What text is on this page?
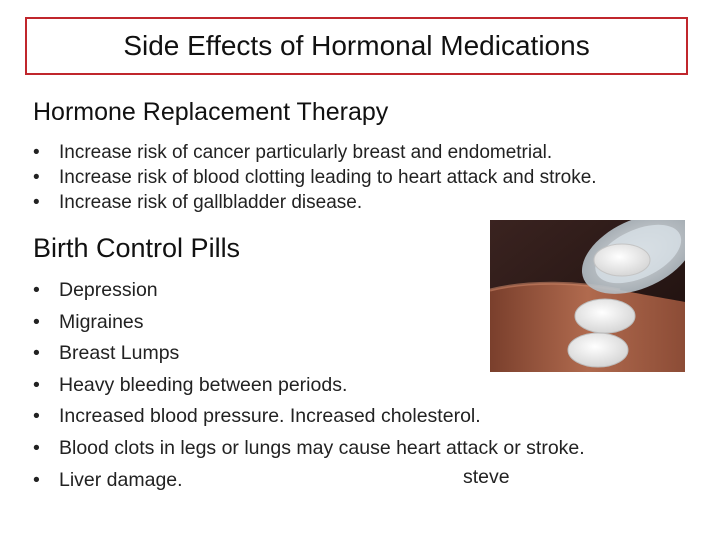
Side Effects of Hormonal Medications
Hormone Replacement Therapy
• Increase risk of cancer particularly breast and endometrial.
• Increase risk of blood clotting leading to heart attack and stroke.
• Increase risk of gallbladder disease.
Birth Control Pills
• Depression
• Migraines
• Breast Lumps
• Heavy bleeding between periods.
• Increased blood pressure. Increased cholesterol.
• Blood clots in legs or lungs may cause heart attack or stroke.
• Liver damage.	steve
